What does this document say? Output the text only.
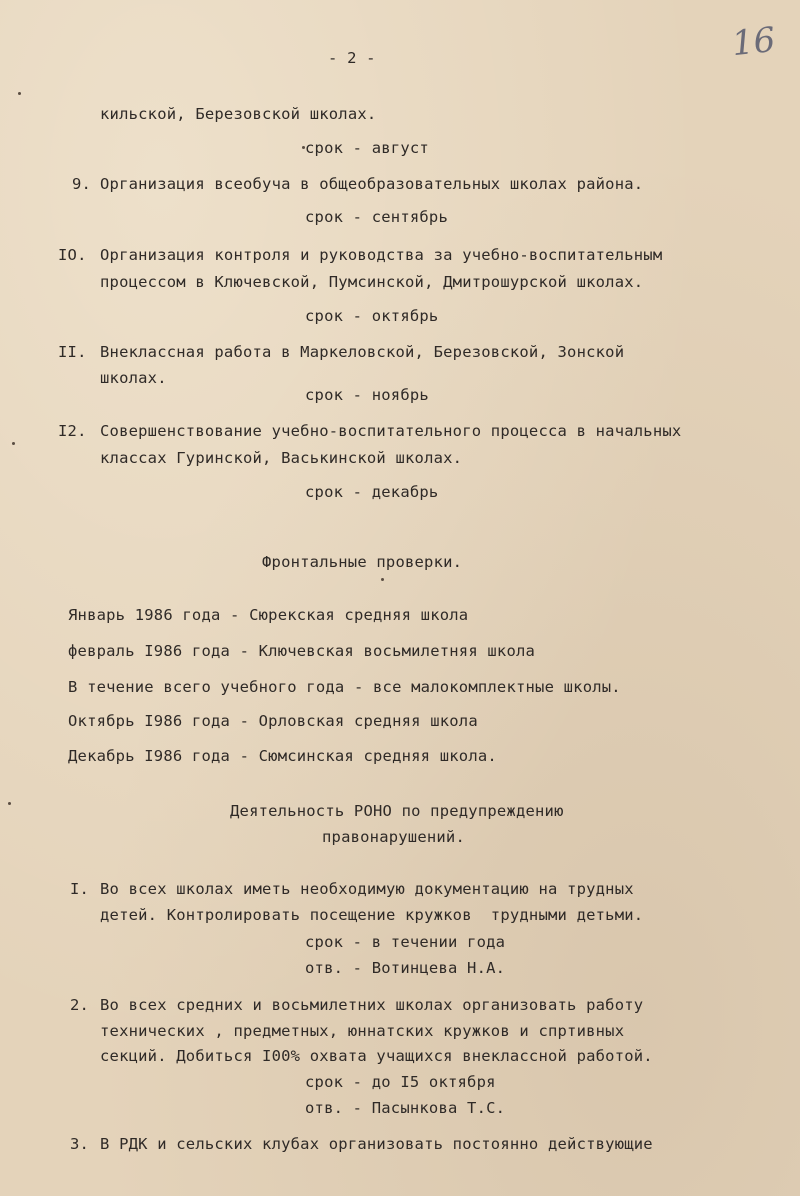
- 2 -	16
кильской, Березовской школах.
срок - август
9. Организация всеобуча в общеобразовательных школах района.
срок - сентябрь
IO. Организация контроля и руководства за учебно-воспитательным
процессом в Ключевской, Пумсинской, Дмитрошурской школах.
срок - октябрь
II. Внеклассная работа в Маркеловской, Березовской, Зонской
школах.
срок - ноябрь
I2. Совершенствование учебно-воспитательного процесса в начальных
классах Гуринской, Васькинской школах.
срок - декабрь
Фронтальные проверки.
Январь 1986 года - Сюрекская средняя школа
февраль I986 года - Ключевская восьмилетняя школа
В течение всего учебного года - все малокомплектные школы.
Октябрь I986 года - Орловская средняя школа
Декабрь I986 года - Сюмсинская средняя школа.
Деятельность РОНО по предупреждению
правонарушений.
I. Во всех школах иметь необходимую документацию на трудных
детей. Контролировать посещение кружков  трудными детьми.
срок - в течении года
отв. - Вотинцева Н.А.
2. Во всех средних и восьмилетних школах организовать работу
технических , предметных, юннатских кружков и спртивных
секций. Добиться I00% охвата учащихся внеклассной работой.
срок - до I5 октября
отв. - Пасынкова Т.С.
3. В РДК и сельских клубах организовать постоянно действующие
